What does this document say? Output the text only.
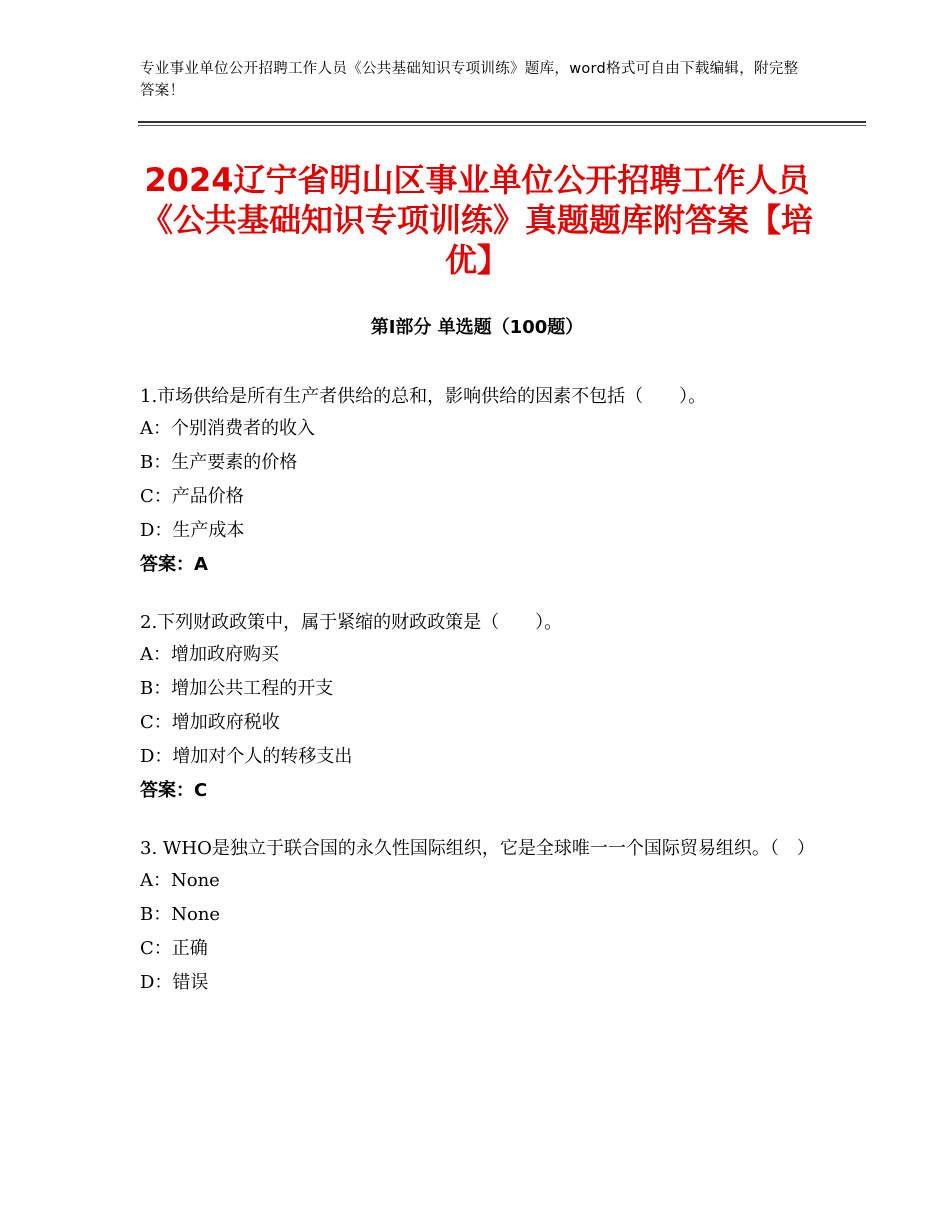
专业事业单位公开招聘工作人员《公共基础知识专项训练》题库，word格式可自由下载编辑，附完整答案！
2024辽宁省明山区事业单位公开招聘工作人员《公共基础知识专项训练》真题题库附答案【培优】
第Ⅰ部分 单选题（100题）

1.市场供给是所有生产者供给的总和，影响供给的因素不包括（　　）。

A：个别消费者的收入
B：生产要素的价格
C：产品价格
D：生产成本
答案：A

2.下列财政政策中，属于紧缩的财政政策是（　　）。

A：增加政府购买
B：增加公共工程的开支
C：增加政府税收
D：增加对个人的转移支出
答案：C

3. WHO是独立于联合国的永久性国际组织，它是全球唯一一个国际贸易组织。（　）

A：None
B：None
C：正确
D：错误
